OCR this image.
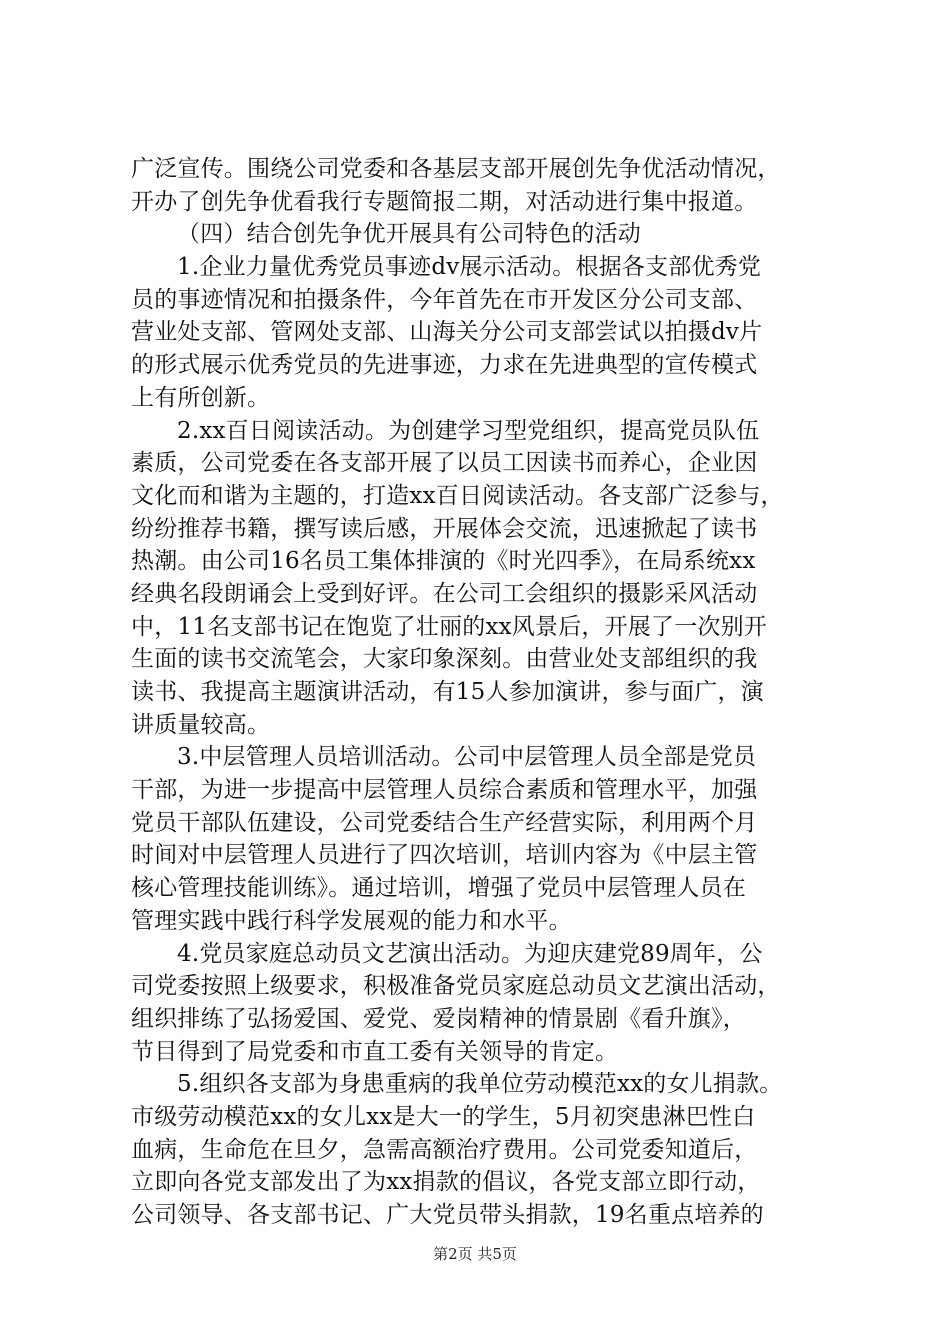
广泛宣传。围绕公司党委和各基层支部开展创先争优活动情况，
开办了创先争优看我行专题简报二期，对活动进行集中报道。
（四）结合创先争优开展具有公司特色的活动
1.企业力量优秀党员事迹dv展示活动。根据各支部优秀党
员的事迹情况和拍摄条件，今年首先在市开发区分公司支部、
营业处支部、管网处支部、山海关分公司支部尝试以拍摄dv片
的形式展示优秀党员的先进事迹，力求在先进典型的宣传模式
上有所创新。
2.xx百日阅读活动。为创建学习型党组织，提高党员队伍
素质，公司党委在各支部开展了以员工因读书而养心，企业因
文化而和谐为主题的，打造xx百日阅读活动。各支部广泛参与，
纷纷推荐书籍，撰写读后感，开展体会交流，迅速掀起了读书
热潮。由公司16名员工集体排演的《时光四季》，在局系统xx
经典名段朗诵会上受到好评。在公司工会组织的摄影采风活动
中，11名支部书记在饱览了壮丽的xx风景后，开展了一次别开
生面的读书交流笔会，大家印象深刻。由营业处支部组织的我
读书、我提高主题演讲活动，有15人参加演讲，参与面广，演
讲质量较高。
3.中层管理人员培训活动。公司中层管理人员全部是党员
干部，为进一步提高中层管理人员综合素质和管理水平，加强
党员干部队伍建设，公司党委结合生产经营实际，利用两个月
时间对中层管理人员进行了四次培训，培训内容为《中层主管
核心管理技能训练》。通过培训，增强了党员中层管理人员在
管理实践中践行科学发展观的能力和水平。
4.党员家庭总动员文艺演出活动。为迎庆建党89周年，公
司党委按照上级要求，积极准备党员家庭总动员文艺演出活动，
组织排练了弘扬爱国、爱党、爱岗精神的情景剧《看升旗》，
节目得到了局党委和市直工委有关领导的肯定。
5.组织各支部为身患重病的我单位劳动模范xx的女儿捐款。
市级劳动模范xx的女儿xx是大一的学生，5月初突患淋巴性白
血病，生命危在旦夕，急需高额治疗费用。公司党委知道后，
立即向各党支部发出了为xx捐款的倡议，各党支部立即行动，
公司领导、各支部书记、广大党员带头捐款，19名重点培养的
第2页 共5页
